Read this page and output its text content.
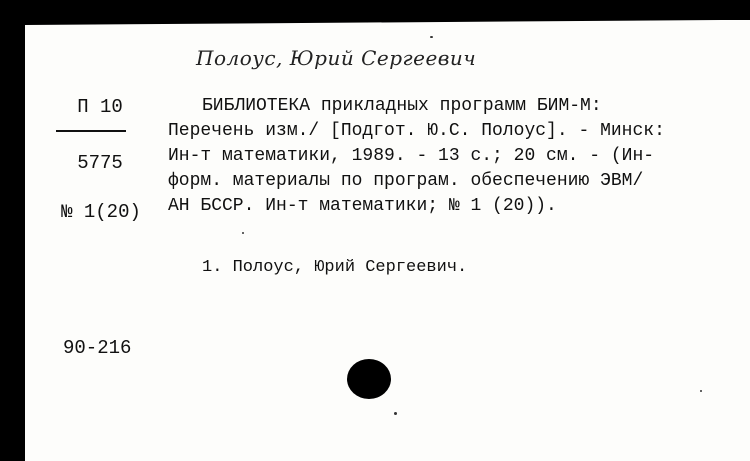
Полоус, Юрий Сергеевич
П 10
5775
№ 1(20)
БИБЛИОТЕКА прикладных программ БИМ-М:
Перечень изм./ [Подгот. Ю.С. Полоус]. - Минск:
Ин-т математики, 1989. - 13 с.; 20 см. - (Ин-
форм. материалы по програм. обеспечению ЭВМ/
АН БССР. Ин-т математики; № 1 (20)).
1. Полоус, Юрий Сергеевич.
90-216
